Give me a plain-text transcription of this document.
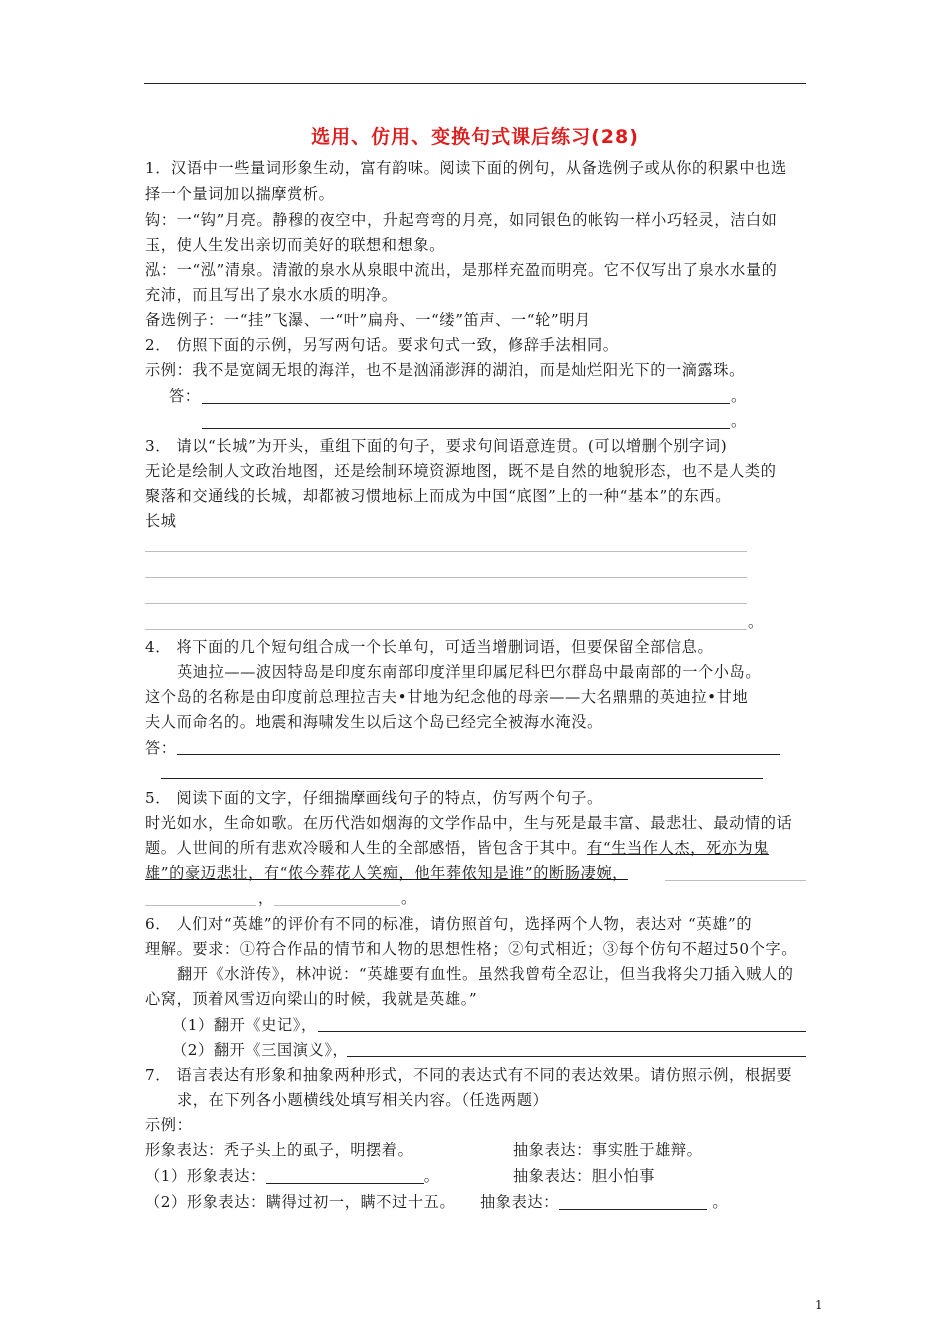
选用、仿用、变换句式课后练习(28)
1．汉语中一些量词形象生动，富有韵味。阅读下面的例句，从备选例子或从你的积累中也选
择一个量词加以揣摩赏析。
钩：一“钩”月亮。静穆的夜空中，升起弯弯的月亮，如同银色的帐钩一样小巧轻灵，洁白如
玉，使人生发出亲切而美好的联想和想象。
泓：一“泓”清泉。清澈的泉水从泉眼中流出，是那样充盈而明亮。它不仅写出了泉水水量的
充沛，而且写出了泉水水质的明净。
备选例子：一“挂”飞瀑、一“叶”扁舟、一“缕”笛声、一“轮”明月
2． 仿照下面的示例，另写两句话。要求句式一致，修辞手法相同。
示例：我不是宽阔无垠的海洋，也不是汹涌澎湃的湖泊，而是灿烂阳光下的一滴露珠。
答：	。
。
3． 请以“长城”为开头，重组下面的句子，要求句间语意连贯。(可以增删个别字词)
无论是绘制人文政治地图，还是绘制环境资源地图，既不是自然的地貌形态，也不是人类的
聚落和交通线的长城，却都被习惯地标上而成为中国“底图”上的一种“基本”的东西。
长城
。
4． 将下面的几个短句组合成一个长单句，可适当增删词语，但要保留全部信息。
英迪拉——波因特岛是印度东南部印度洋里印属尼科巴尔群岛中最南部的一个小岛。
这个岛的名称是由印度前总理拉吉夫•甘地为纪念他的母亲——大名鼎鼎的英迪拉•甘地
夫人而命名的。地震和海啸发生以后这个岛已经完全被海水淹没。
答：
5． 阅读下面的文字，仔细揣摩画线句子的特点，仿写两个句子。
时光如水，生命如歌。在历代浩如烟海的文学作品中，生与死是最丰富、最悲壮、最动情的话
题。人世间的所有悲欢冷暖和人生的全部感悟，皆包含于其中。有“生当作人杰，死亦为鬼
雄”的豪迈悲壮，有“侬今葬花人笑痴，他年葬侬知是谁”的断肠凄婉，
，	。
6． 人们对“英雄”的评价有不同的标准，请仿照首句，选择两个人物，表达对 “英雄”的
理解。要求：①符合作品的情节和人物的思想性格；②句式相近；③每个仿句不超过50个字。
翻开《水浒传》，林冲说：“英雄要有血性。虽然我曾苟全忍让，但当我将尖刀插入贼人的
心窝，顶着风雪迈向梁山的时候，我就是英雄。”
（1）翻开《史记》，
（2）翻开《三国演义》，
7． 语言表达有形象和抽象两种形式，不同的表达式有不同的表达效果。请仿照示例，根据要
求，在下列各小题横线处填写相关内容。（任选两题）
示例：
形象表达：秃子头上的虱子，明摆着。	抽象表达：事实胜于雄辩。
（1）形象表达：	。	抽象表达：胆小怕事
（2）形象表达：瞒得过初一，瞒不过十五。 抽象表达：	。
1
